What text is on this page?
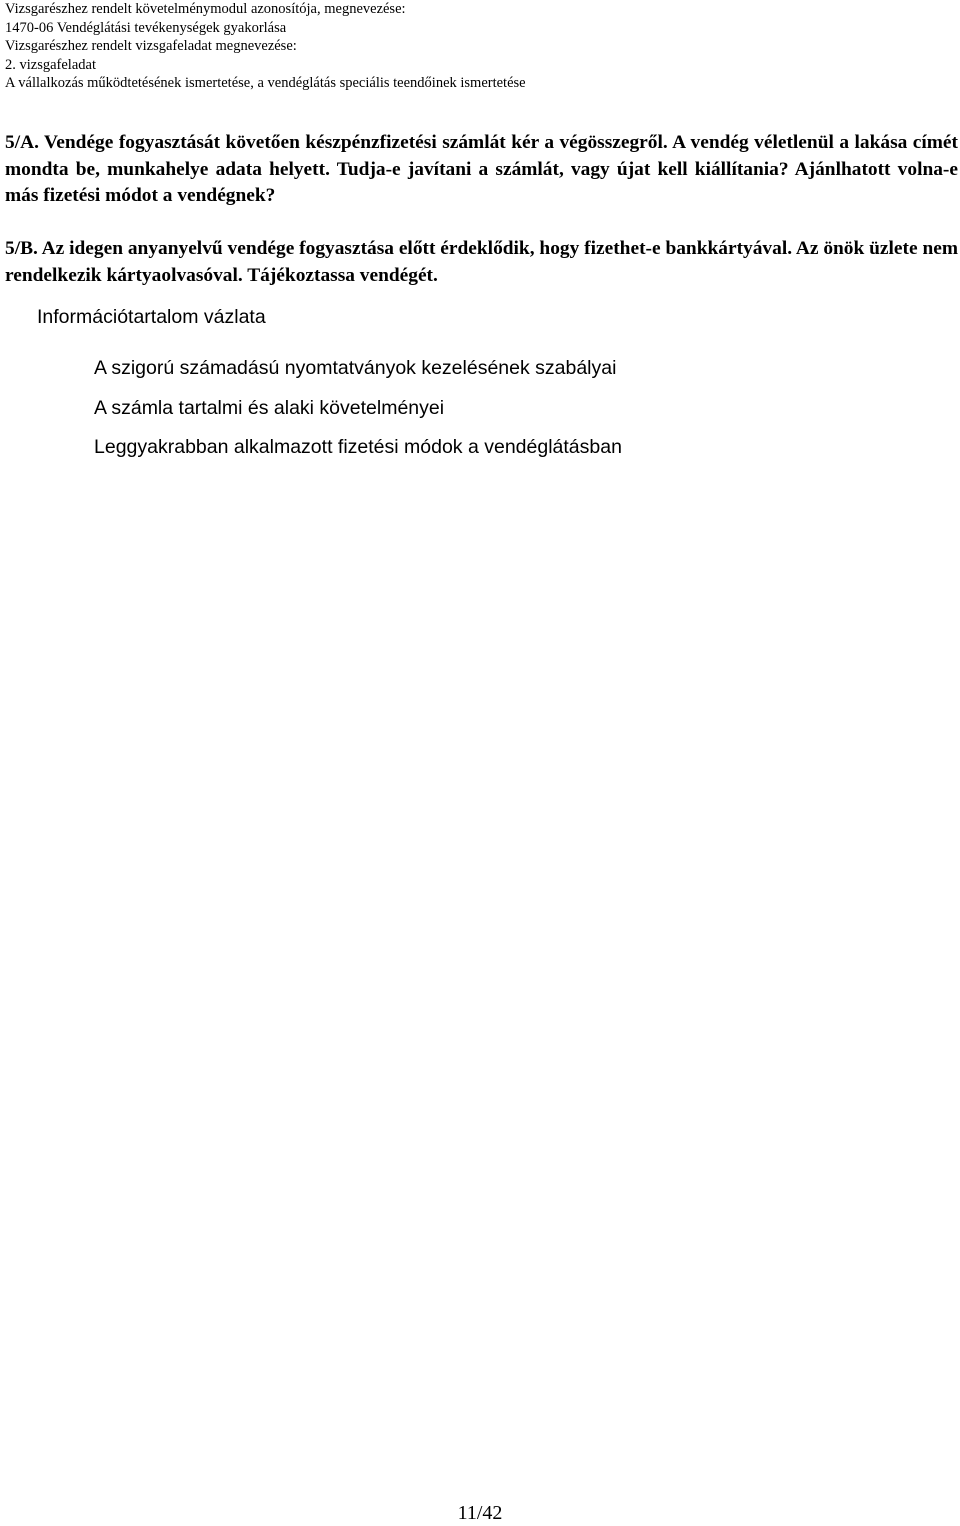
Vizsgarészhez rendelt követelménymodul azonosítója, megnevezése:
1470-06 Vendéglátási tevékenységek gyakorlása
Vizsgarészhez rendelt vizsgafeladat megnevezése:
2. vizsgafeladat
A vállalkozás működtetésének ismertetése, a vendéglátás speciális teendőinek ismertetése

5/A. Vendége fogyasztását követően készpénzfizetési számlát kér a végösszegről. A vendég véletlenül a lakása címét mondta be, munkahelye adata helyett. Tudja-e javítani a számlát, vagy újat kell kiállítania? Ajánlhatott volna-e más fizetési módot a vendégnek?

5/B. Az idegen anyanyelvű vendége fogyasztása előtt érdeklődik, hogy fizethet-e bankkártyával. Az önök üzlete nem rendelkezik kártyaolvasóval. Tájékoztassa vendégét.

Információtartalom vázlata
A szigorú számadású nyomtatványok kezelésének szabályai
A számla tartalmi és alaki követelményei
Leggyakrabban alkalmazott fizetési módok a vendéglátásban
11/42
